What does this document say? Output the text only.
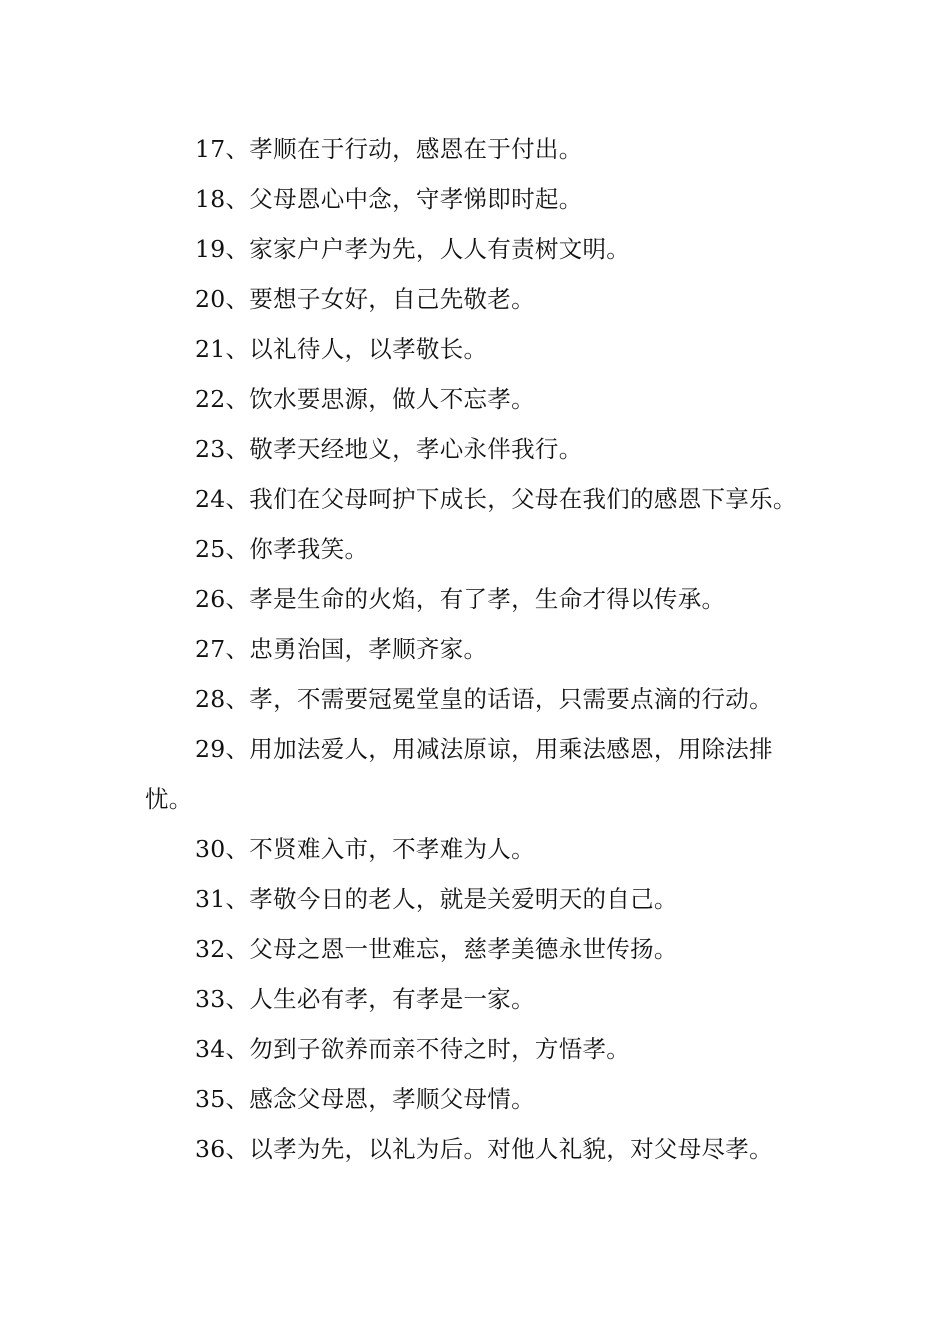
17、孝顺在于行动，感恩在于付出。

18、父母恩心中念，守孝悌即时起。

19、家家户户孝为先，人人有责树文明。

20、要想子女好，自己先敬老。

21、以礼待人，以孝敬长。

22、饮水要思源，做人不忘孝。

23、敬孝天经地义，孝心永伴我行。

24、我们在父母呵护下成长，父母在我们的感恩下享乐。

25、你孝我笑。

26、孝是生命的火焰，有了孝，生命才得以传承。

27、忠勇治国，孝顺齐家。

28、孝，不需要冠冕堂皇的话语，只需要点滴的行动。

29、用加法爱人，用减法原谅，用乘法感恩，用除法排忧。

30、不贤难入市，不孝难为人。

31、孝敬今日的老人，就是关爱明天的自己。

32、父母之恩一世难忘，慈孝美德永世传扬。

33、人生必有孝，有孝是一家。

34、勿到子欲养而亲不待之时，方悟孝。

35、感念父母恩，孝顺父母情。

36、以孝为先，以礼为后。对他人礼貌，对父母尽孝。
